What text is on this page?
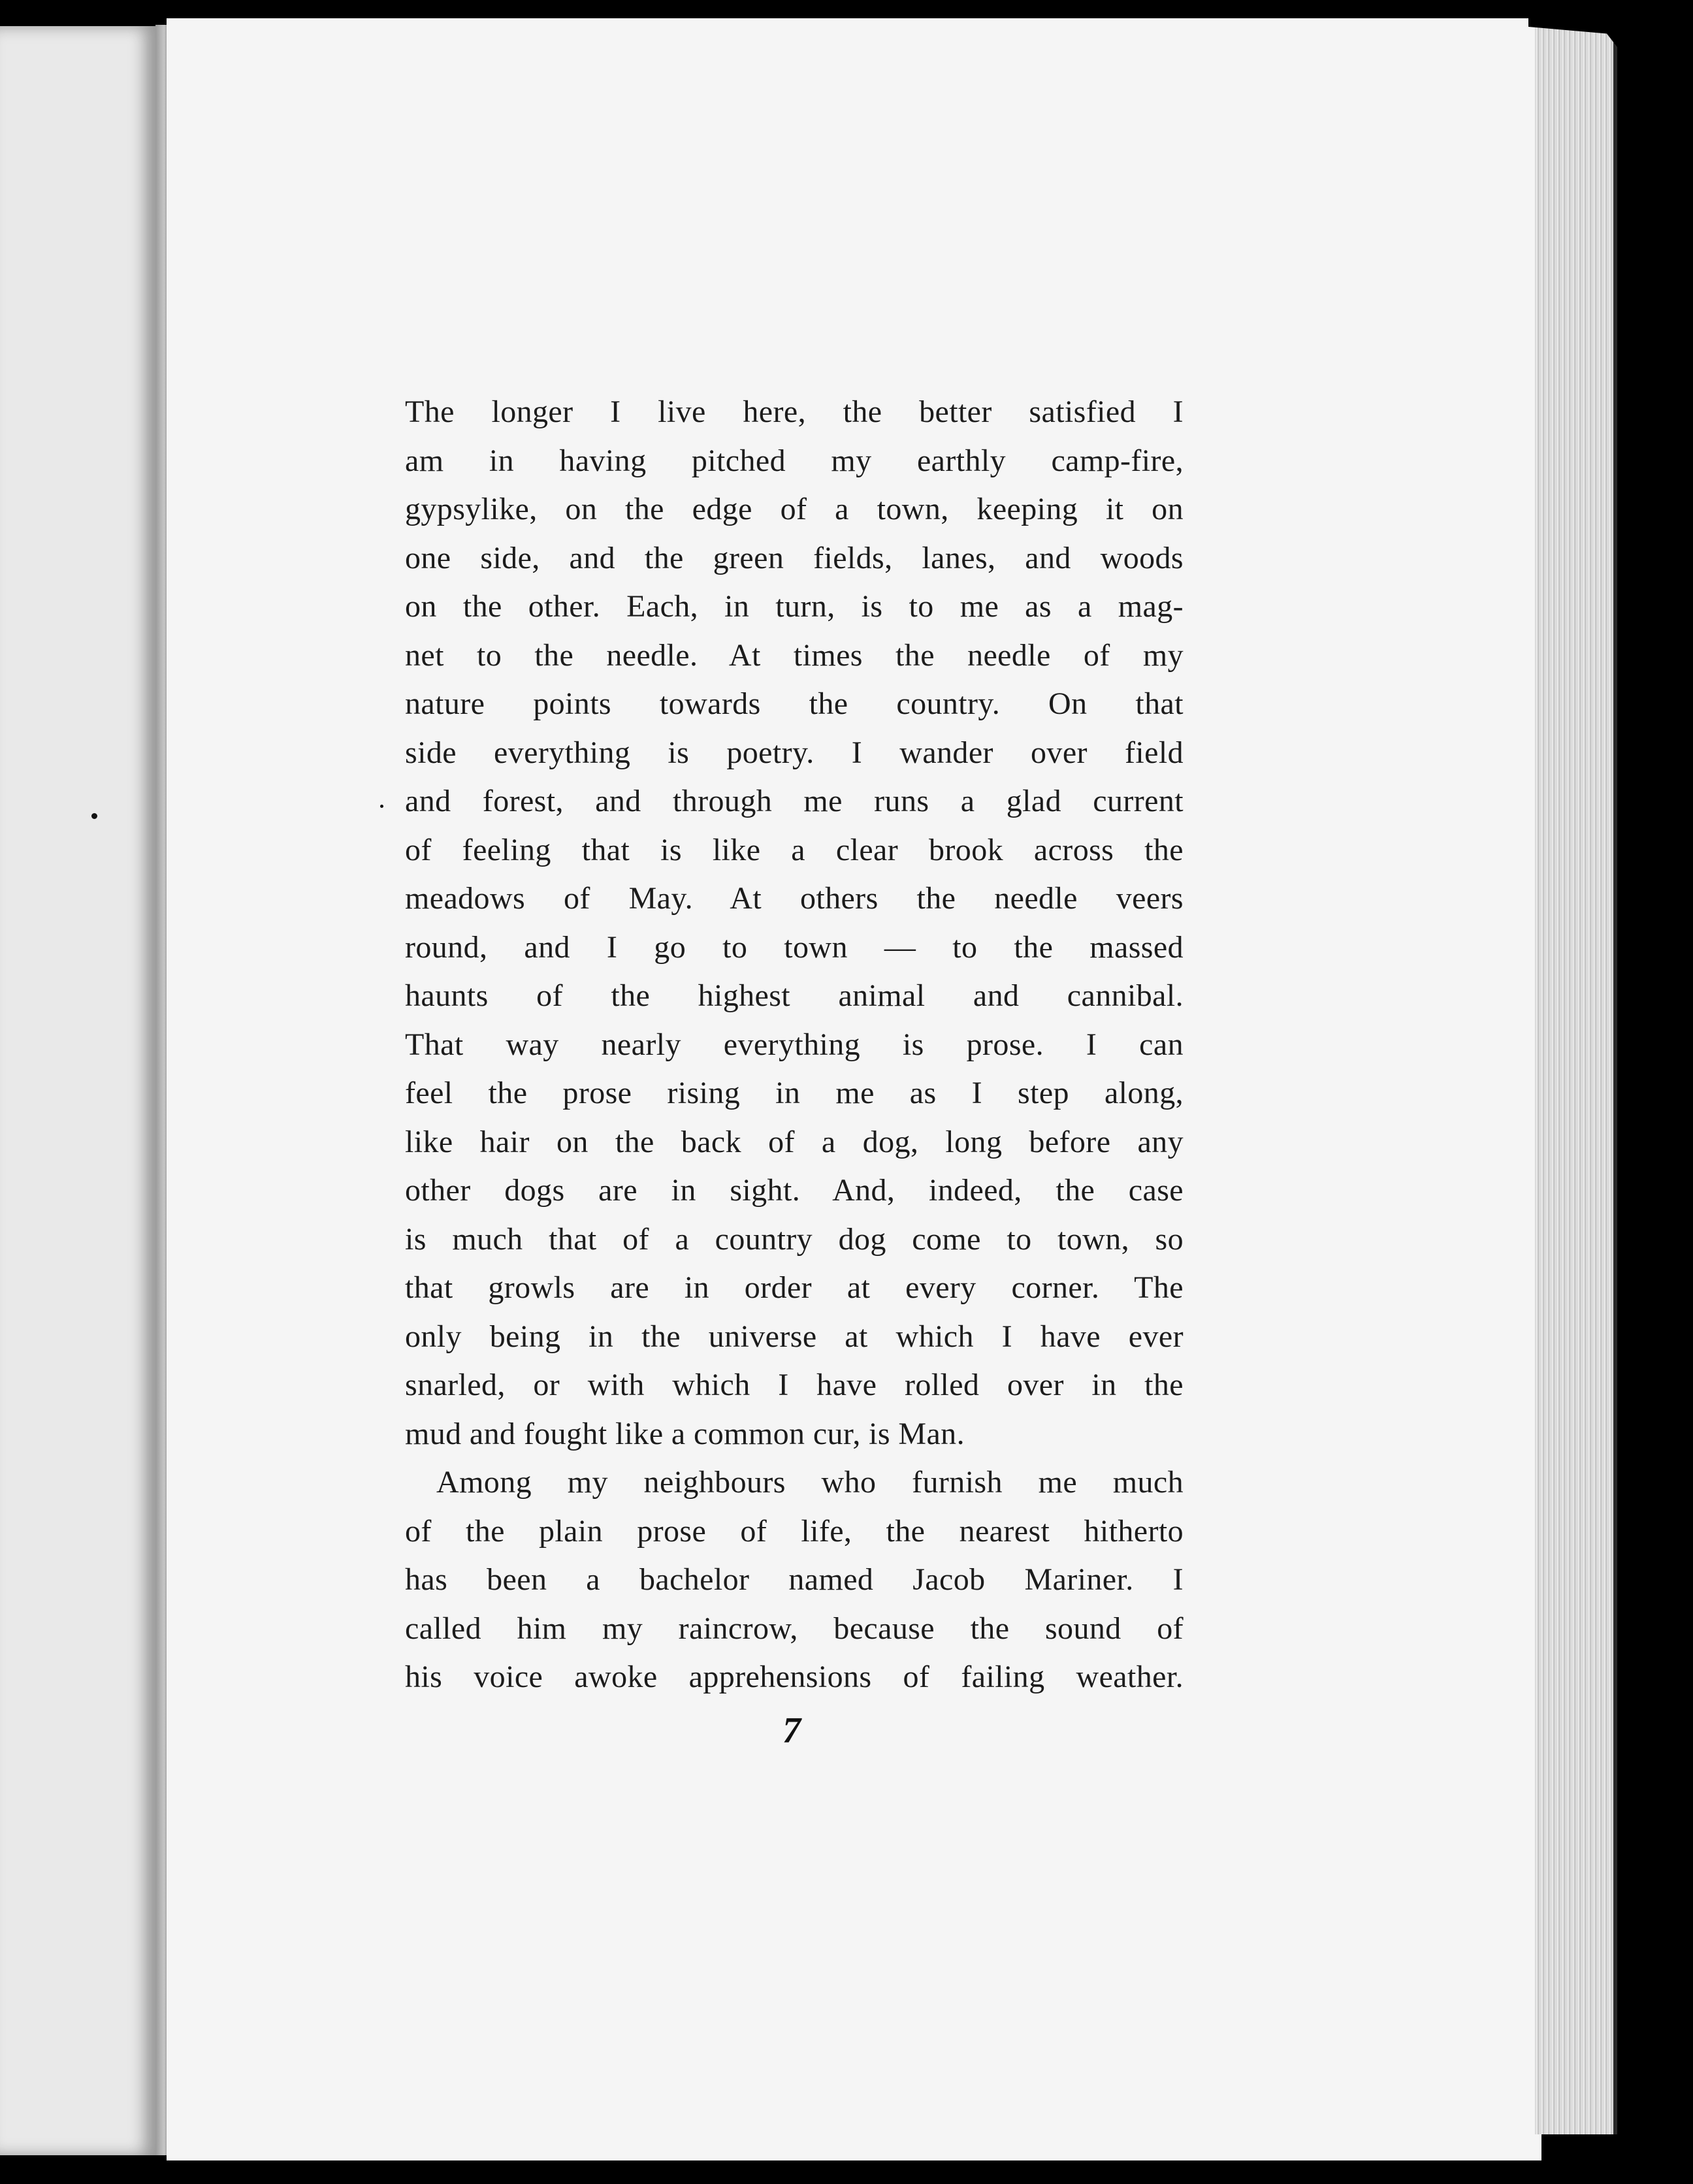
The longer I live here, the better satisfied I
am in having pitched my earthly camp-fire,
gypsylike, on the edge of a town, keeping it on
one side, and the green fields, lanes, and woods
on the other. Each, in turn, is to me as a mag-
net to the needle. At times the needle of my
nature points towards the country. On that
side everything is poetry. I wander over field
and forest, and through me runs a glad current
of feeling that is like a clear brook across the
meadows of May. At others the needle veers
round, and I go to town — to the massed
haunts of the highest animal and cannibal.
That way nearly everything is prose. I can
feel the prose rising in me as I step along,
like hair on the back of a dog, long before any
other dogs are in sight. And, indeed, the case
is much that of a country dog come to town, so
that growls are in order at every corner. The
only being in the universe at which I have ever
snarled, or with which I have rolled over in the
mud and fought like a common cur, is Man.
Among my neighbours who furnish me much
of the plain prose of life, the nearest hitherto
has been a bachelor named Jacob Mariner. I
called him my raincrow, because the sound of
his voice awoke apprehensions of failing weather.
7
